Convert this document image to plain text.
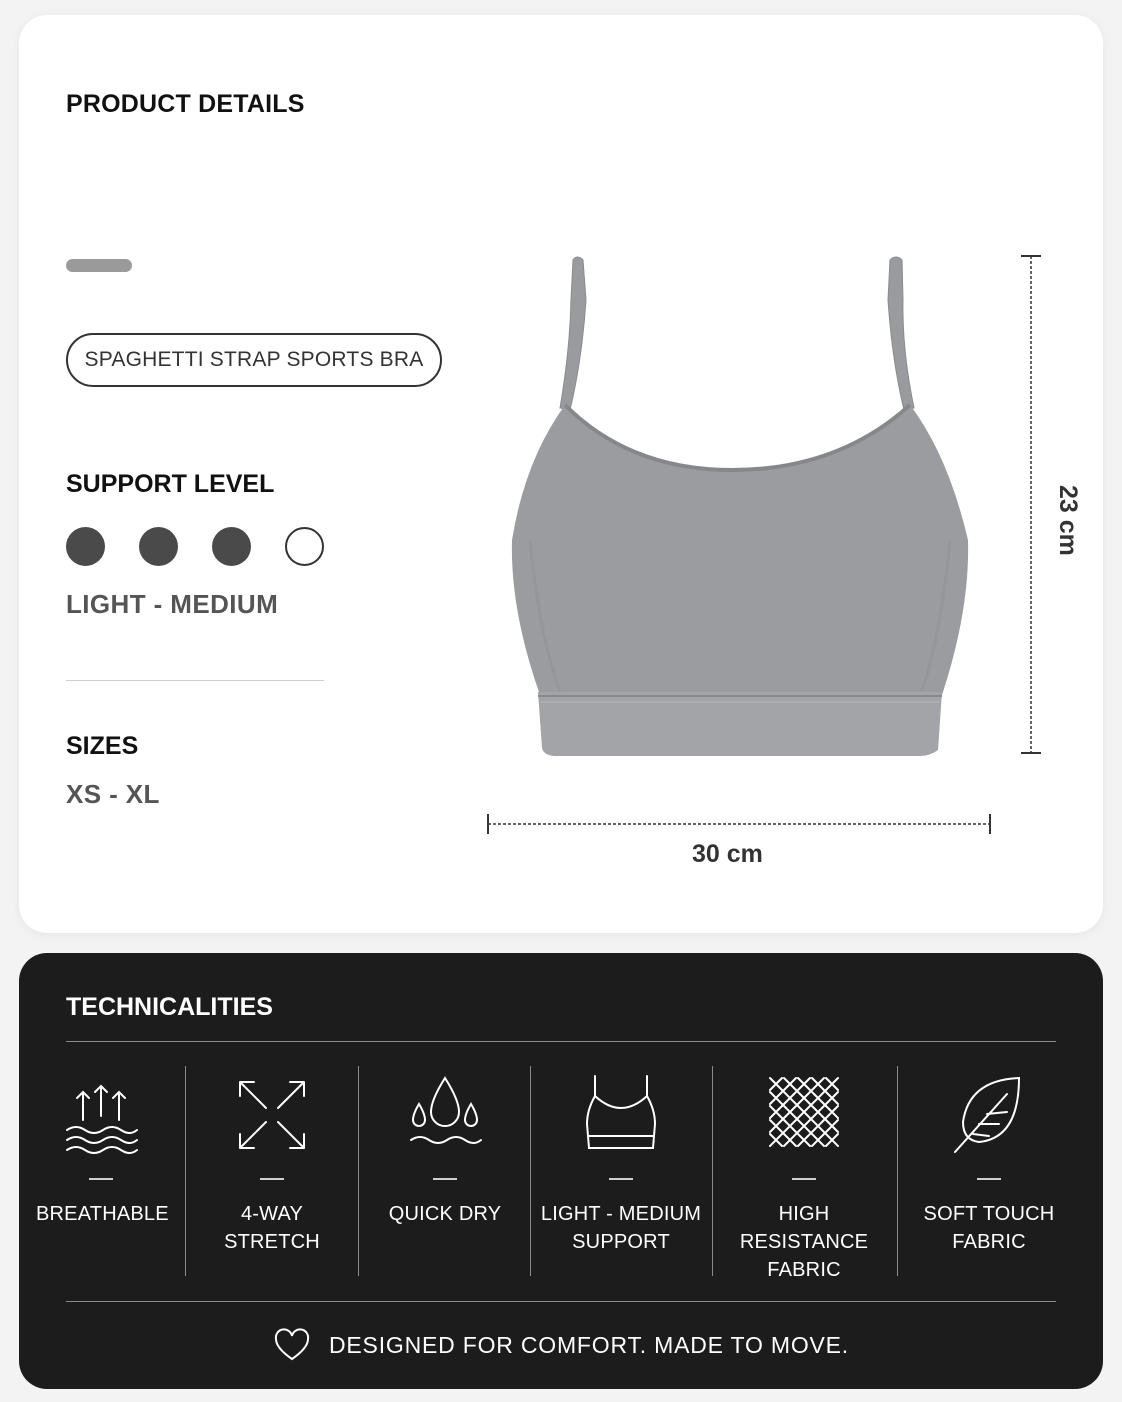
PRODUCT DETAILS
SPAGHETTI STRAP SPORTS BRA
SUPPORT LEVEL
LIGHT - MEDIUM
SIZES
XS - XL
30 cm
23 cm
TECHNICALITIES
BREATHABLE	4-WAY
STRETCH
QUICK DRY	LIGHT - MEDIUM
SUPPORT
HIGH
RESISTANCE
FABRIC
SOFT TOUCH
FABRIC
DESIGNED FOR COMFORT. MADE TO MOVE.
